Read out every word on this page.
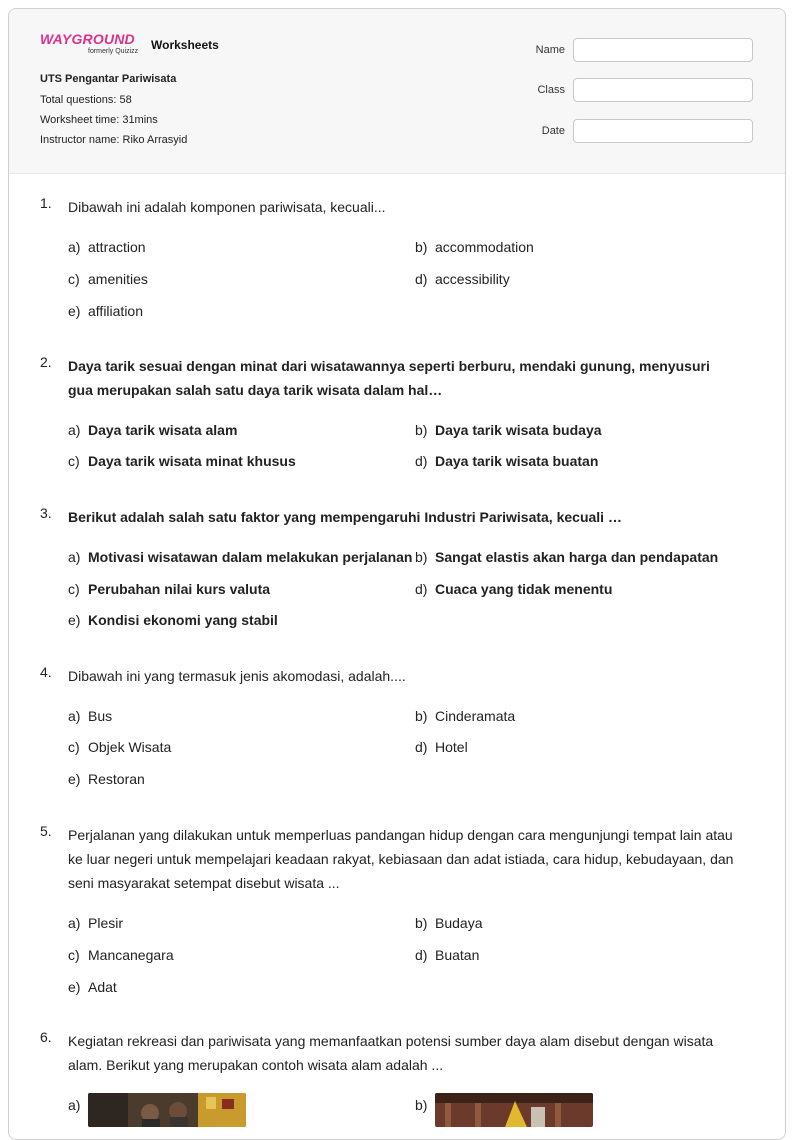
WAYGROUND
formerly Quizizz Worksheets
UTS Pengantar Pariwisata
Total questions: 58
Worksheet time: 31mins
Instructor name: Riko Arrasyid
Name
Class
Date
1. Dibawah ini adalah komponen pariwisata, kecuali...
a) attraction	b) accommodation
c) amenities	d) accessibility
e) affiliation
2. Daya tarik sesuai dengan minat dari wisatawannya seperti berburu, mendaki gunung, menyusuri gua merupakan salah satu daya tarik wisata dalam hal…
a) Daya tarik wisata alam	b) Daya tarik wisata budaya
c) Daya tarik wisata minat khusus	d) Daya tarik wisata buatan
3. Berikut adalah salah satu faktor yang mempengaruhi Industri Pariwisata, kecuali …
a) Motivasi wisatawan dalam melakukan perjalanan b) Sangat elastis akan harga dan pendapatan
c) Perubahan nilai kurs valuta	d) Cuaca yang tidak menentu
e) Kondisi ekonomi yang stabil
4. Dibawah ini yang termasuk jenis akomodasi, adalah....
a) Bus	b) Cinderamata
c) Objek Wisata	d) Hotel
e) Restoran
5. Perjalanan yang dilakukan untuk memperluas pandangan hidup dengan cara mengunjungi tempat lain atau ke luar negeri untuk mempelajari keadaan rakyat, kebiasaan dan adat istiada, cara hidup, kebudayaan, dan seni masyarakat setempat disebut wisata ...
a) Plesir	b) Budaya
c) Mancanegara	d) Buatan
e) Adat
6. Kegiatan rekreasi dan pariwisata yang memanfaatkan potensi sumber daya alam disebut dengan wisata alam. Berikut yang merupakan contoh wisata alam adalah ...
a)	b)
